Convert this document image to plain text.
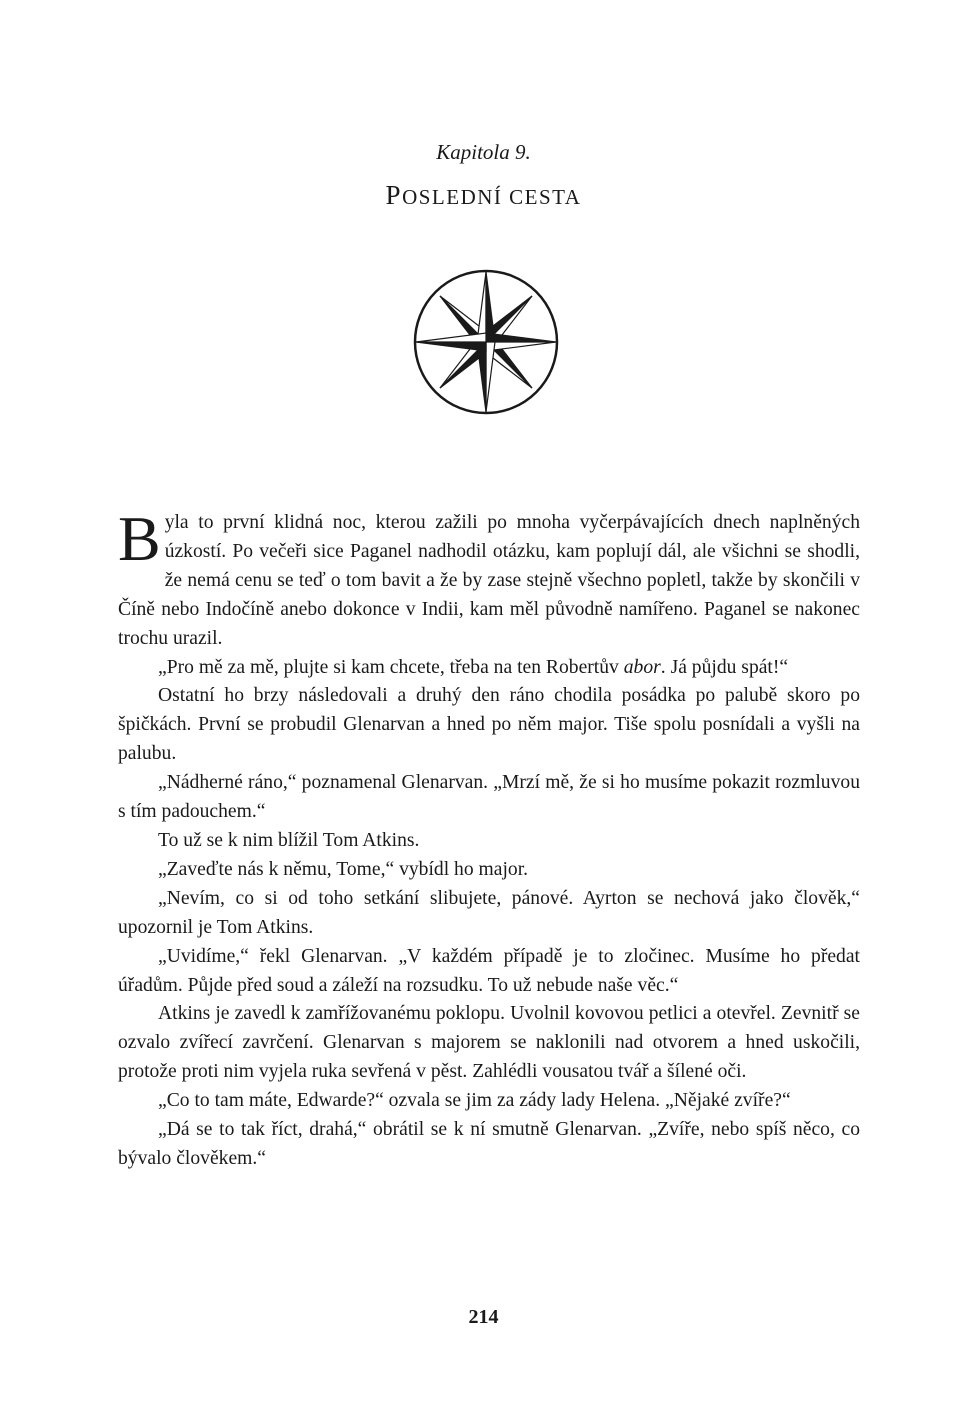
Kapitola 9.
POSLEDNÍ CESTA

Byla to první klidná noc, kterou zažili po mnoha vyčerpávajících dnech naplněných úzkostí. Po večeři sice Paganel nadhodil otázku, kam poplují dál, ale všichni se shodli, že nemá cenu se teď o tom bavit a že by zase stejně všechno popletl, takže by skončili v Číně nebo Indočíně anebo dokonce v Indii, kam měl původně namířeno. Paganel se nakonec trochu urazil.

„Pro mě za mě, plujte si kam chcete, třeba na ten Robertův abor. Já půjdu spát!“

Ostatní ho brzy následovali a druhý den ráno chodila posádka po palubě skoro po špičkách. První se probudil Glenarvan a hned po něm major. Tiše spolu posnídali a vyšli na palubu.

„Nádherné ráno,“ poznamenal Glenarvan. „Mrzí mě, že si ho musíme pokazit rozmluvou s tím padouchem.“

To už se k nim blížil Tom Atkins.

„Zaveďte nás k němu, Tome,“ vybídl ho major.

„Nevím, co si od toho setkání slibujete, pánové. Ayrton se nechová jako člověk,“ upozornil je Tom Atkins.

„Uvidíme,“ řekl Glenarvan. „V každém případě je to zločinec. Musíme ho předat úřadům. Půjde před soud a záleží na rozsudku. To už nebude naše věc.“

Atkins je zavedl k zamřížovanému poklopu. Uvolnil kovovou petlici a otevřel. Zevnitř se ozvalo zvířecí zavrčení. Glenarvan s majorem se naklonili nad otvorem a hned uskočili, protože proti nim vyjela ruka sevřená v pěst. Zahlédli vousatou tvář a šílené oči.

„Co to tam máte, Edwarde?“ ozvala se jim za zády lady Helena. „Nějaké zvíře?“

„Dá se to tak říct, drahá,“ obrátil se k ní smutně Glenarvan. „Zvíře, nebo spíš něco, co bývalo člověkem.“

214
